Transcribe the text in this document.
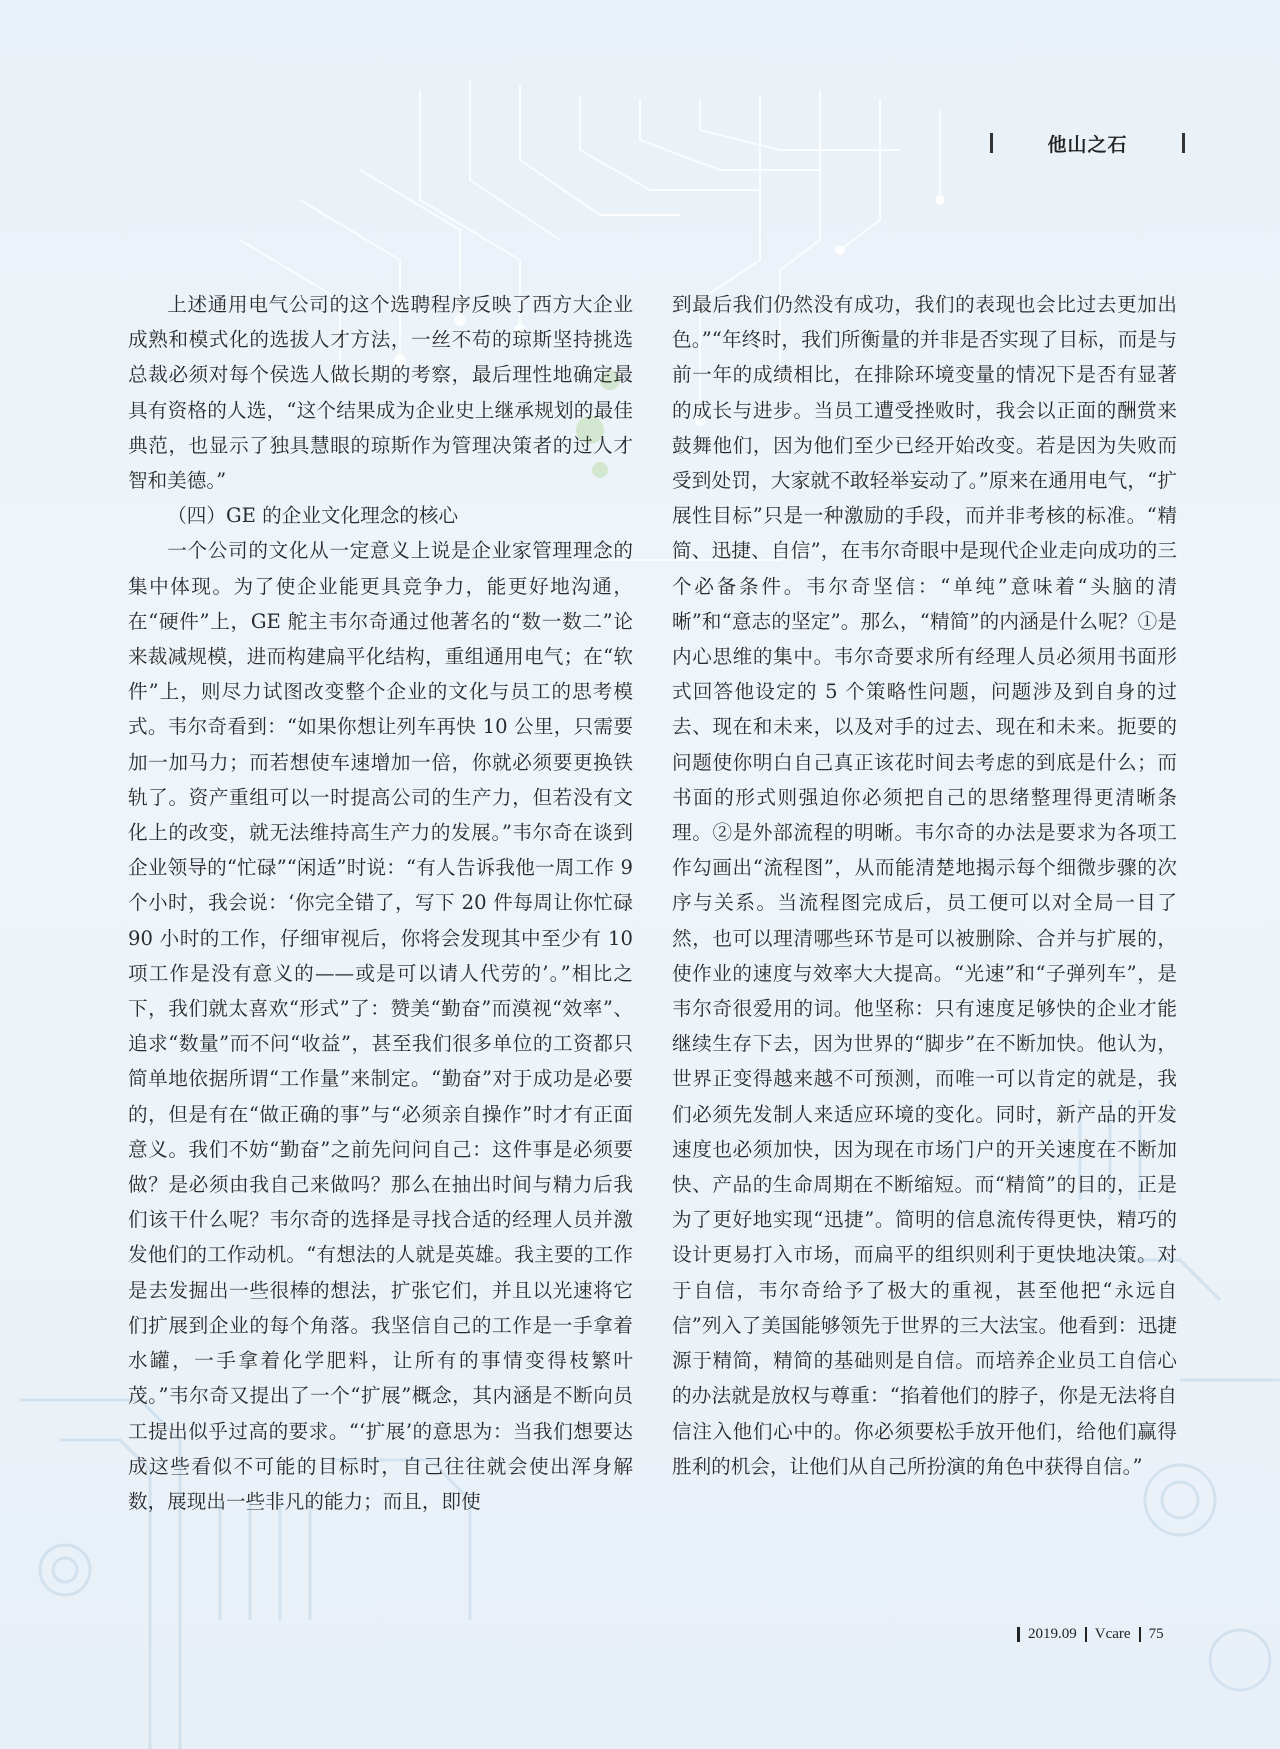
他山之石

上述通用电气公司的这个选聘程序反映了西方大企业成熟和模式化的选拔人才方法，一丝不苟的琼斯坚持挑选总裁必须对每个侯选人做长期的考察，最后理性地确定最具有资格的人选，“这个结果成为企业史上继承规划的最佳典范，也显示了独具慧眼的琼斯作为管理决策者的过人才智和美德。”

（四）GE 的企业文化理念的核心

一个公司的文化从一定意义上说是企业家管理理念的集中体现。为了使企业能更具竞争力，能更好地沟通，在“硬件”上，GE 舵主韦尔奇通过他著名的“数一数二”论来裁减规模，进而构建扁平化结构，重组通用电气；在“软件”上，则尽力试图改变整个企业的文化与员工的思考模式。韦尔奇看到：“如果你想让列车再快 10 公里，只需要加一加马力；而若想使车速增加一倍，你就必须要更换铁轨了。资产重组可以一时提高公司的生产力，但若没有文化上的改变，就无法维持高生产力的发展。”韦尔奇在谈到企业领导的“忙碌”“闲适”时说：“有人告诉我他一周工作 9 个小时，我会说：‘你完全错了，写下 20 件每周让你忙碌 90 小时的工作，仔细审视后，你将会发现其中至少有 10 项工作是没有意义的——或是可以请人代劳的’。”相比之下，我们就太喜欢“形式”了：赞美“勤奋”而漠视“效率”、追求“数量”而不问“收益”，甚至我们很多单位的工资都只简单地依据所谓“工作量”来制定。“勤奋”对于成功是必要的，但是有在“做正确的事”与“必须亲自操作”时才有正面意义。我们不妨“勤奋”之前先问问自己：这件事是必须要做？是必须由我自己来做吗？那么在抽出时间与精力后我们该干什么呢？韦尔奇的选择是寻找合适的经理人员并激发他们的工作动机。“有想法的人就是英雄。我主要的工作是去发掘出一些很棒的想法，扩张它们，并且以光速将它们扩展到企业的每个角落。我坚信自己的工作是一手拿着水罐，一手拿着化学肥料，让所有的事情变得枝繁叶茂。”韦尔奇又提出了一个“扩展”概念，其内涵是不断向员工提出似乎过高的要求。“‘扩展’的意思为：当我们想要达成这些看似不可能的目标时，自己往往就会使出浑身解数，展现出一些非凡的能力；而且，即使

到最后我们仍然没有成功，我们的表现也会比过去更加出色。”“年终时，我们所衡量的并非是否实现了目标，而是与前一年的成绩相比，在排除环境变量的情况下是否有显著的成长与进步。当员工遭受挫败时，我会以正面的酬赏来鼓舞他们，因为他们至少已经开始改变。若是因为失败而受到处罚，大家就不敢轻举妄动了。”原来在通用电气，“扩展性目标”只是一种激励的手段，而并非考核的标准。“精简、迅捷、自信”，在韦尔奇眼中是现代企业走向成功的三个必备条件。韦尔奇坚信：“单纯”意味着“头脑的清晰”和“意志的坚定”。那么，“精简”的内涵是什么呢？①是内心思维的集中。韦尔奇要求所有经理人员必须用书面形式回答他设定的 5 个策略性问题，问题涉及到自身的过去、现在和未来，以及对手的过去、现在和未来。扼要的问题使你明白自己真正该花时间去考虑的到底是什么；而书面的形式则强迫你必须把自己的思绪整理得更清晰条理。②是外部流程的明晰。韦尔奇的办法是要求为各项工作勾画出“流程图”，从而能清楚地揭示每个细微步骤的次序与关系。当流程图完成后，员工便可以对全局一目了然，也可以理清哪些环节是可以被删除、合并与扩展的，使作业的速度与效率大大提高。“光速”和“子弹列车”，是韦尔奇很爱用的词。他坚称：只有速度足够快的企业才能继续生存下去，因为世界的“脚步”在不断加快。他认为，世界正变得越来越不可预测，而唯一可以肯定的就是，我们必须先发制人来适应环境的变化。同时，新产品的开发速度也必须加快，因为现在市场门户的开关速度在不断加快、产品的生命周期在不断缩短。而“精简”的目的，正是为了更好地实现“迅捷”。简明的信息流传得更快，精巧的设计更易打入市场，而扁平的组织则利于更快地决策。对于自信，韦尔奇给予了极大的重视，甚至他把“永远自信”列入了美国能够领先于世界的三大法宝。他看到：迅捷源于精简，精简的基础则是自信。而培养企业员工自信心的办法就是放权与尊重：“掐着他们的脖子，你是无法将自信注入他们心中的。你必须要松手放开他们，给他们赢得胜利的机会，让他们从自己所扮演的角色中获得自信。”

2019.09 Vcare 75
